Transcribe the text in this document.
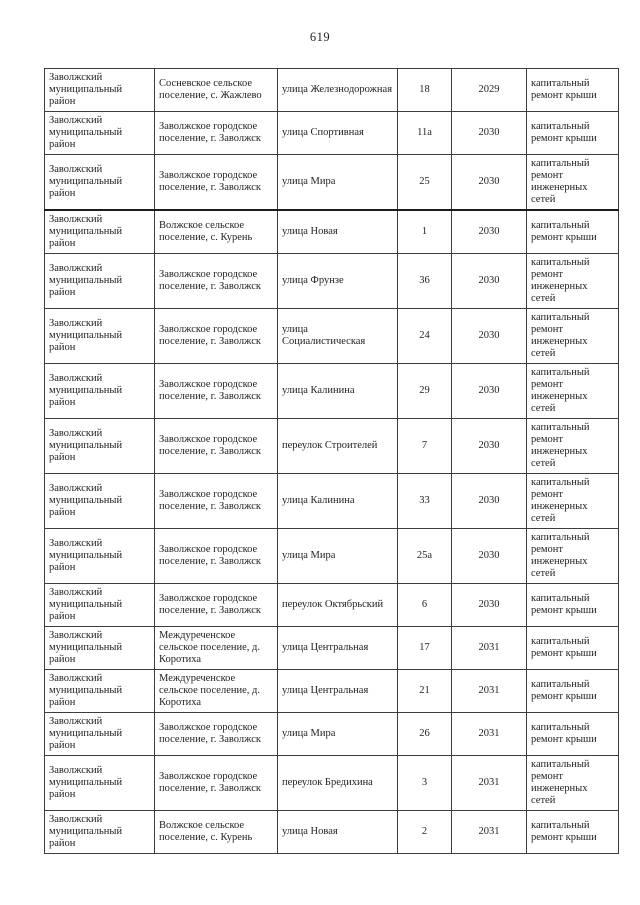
619
Заволжский муниципальный район	Сосневское сельское поселение, с. Жажлево	улица Железнодорожная	18	2029	капитальный ремонт крыши
Заволжский муниципальный район	Заволжское городское поселение, г. Заволжск	улица Спортивная	11а	2030	капитальный ремонт крыши
Заволжский муниципальный район	Заволжское городское поселение, г. Заволжск	улица Мира	25	2030	капитальный ремонт инженерных сетей
Заволжский муниципальный район	Волжское сельское поселение, с. Курень	улица Новая	1	2030	капитальный ремонт крыши
Заволжский муниципальный район	Заволжское городское поселение, г. Заволжск	улица Фрунзе	36	2030	капитальный ремонт инженерных сетей
Заволжский муниципальный район	Заволжское городское поселение, г. Заволжск	улица Социалистическая	24	2030	капитальный ремонт инженерных сетей
Заволжский муниципальный район	Заволжское городское поселение, г. Заволжск	улица Калинина	29	2030	капитальный ремонт инженерных сетей
Заволжский муниципальный район	Заволжское городское поселение, г. Заволжск	переулок Строителей	7	2030	капитальный ремонт инженерных сетей
Заволжский муниципальный район	Заволжское городское поселение, г. Заволжск	улица Калинина	33	2030	капитальный ремонт инженерных сетей
Заволжский муниципальный район	Заволжское городское поселение, г. Заволжск	улица Мира	25а	2030	капитальный ремонт инженерных сетей
Заволжский муниципальный район	Заволжское городское поселение, г. Заволжск	переулок Октябрьский	6	2030	капитальный ремонт крыши
Заволжский муниципальный район	Междуреченское сельское поселение, д. Коротиха	улица Центральная	17	2031	капитальный ремонт крыши
Заволжский муниципальный район	Междуреченское сельское поселение, д. Коротиха	улица Центральная	21	2031	капитальный ремонт крыши
Заволжский муниципальный район	Заволжское городское поселение, г. Заволжск	улица Мира	26	2031	капитальный ремонт крыши
Заволжский муниципальный район	Заволжское городское поселение, г. Заволжск	переулок Бредихина	3	2031	капитальный ремонт инженерных сетей
Заволжский муниципальный район	Волжское сельское поселение, с. Курень	улица Новая	2	2031	капитальный ремонт крыши
